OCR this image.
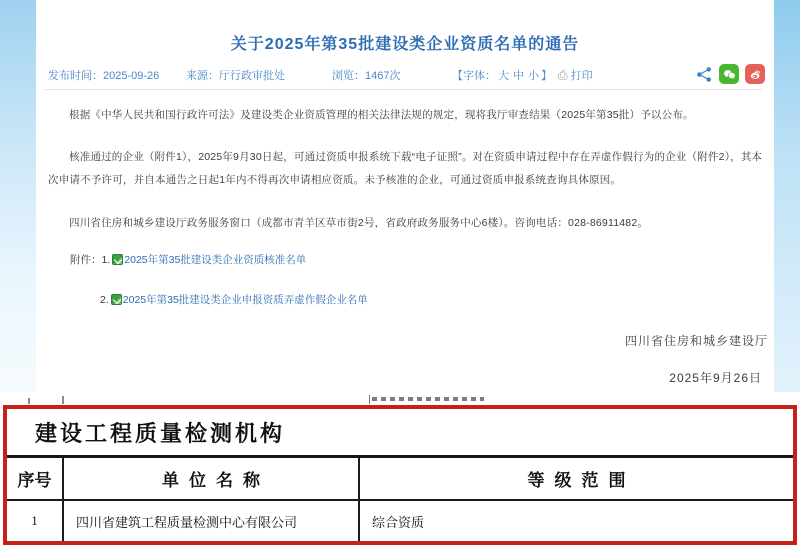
关于2025年第35批建设类企业资质名单的通告
发布时间：2025-09-26 来源：厅行政审批处	浏览：1467次	【字体： 大 中 小 】 ⎙ 打印

根据《中华人民共和国行政许可法》及建设类企业资质管理的相关法律法规的规定，现将我厅审查结果（2025年第35批）予以公布。

核准通过的企业（附件1），2025年9月30日起，可通过资质申报系统下载“电子证照”。对在资质申请过程中存在弄虚作假行为的企业（附件2），其本次申请不予许可，并自本通告之日起1年内不得再次申请相应资质。未予核准的企业，可通过资质申报系统查询具体原因。

四川省住房和城乡建设厅政务服务窗口（成都市青羊区草市街2号，省政府政务服务中心6楼）。咨询电话：028-86911482。

附件：1. 2025年第35批建设类企业资质核准名单
2. 2025年第35批建设类企业申报资质弄虚作假企业名单
四川省住房和城乡建设厅
2025年9月26日
建设工程质量检测机构
序号	单位名称	等级范围
1	四川省建筑工程质量检测中心有限公司	综合资质
